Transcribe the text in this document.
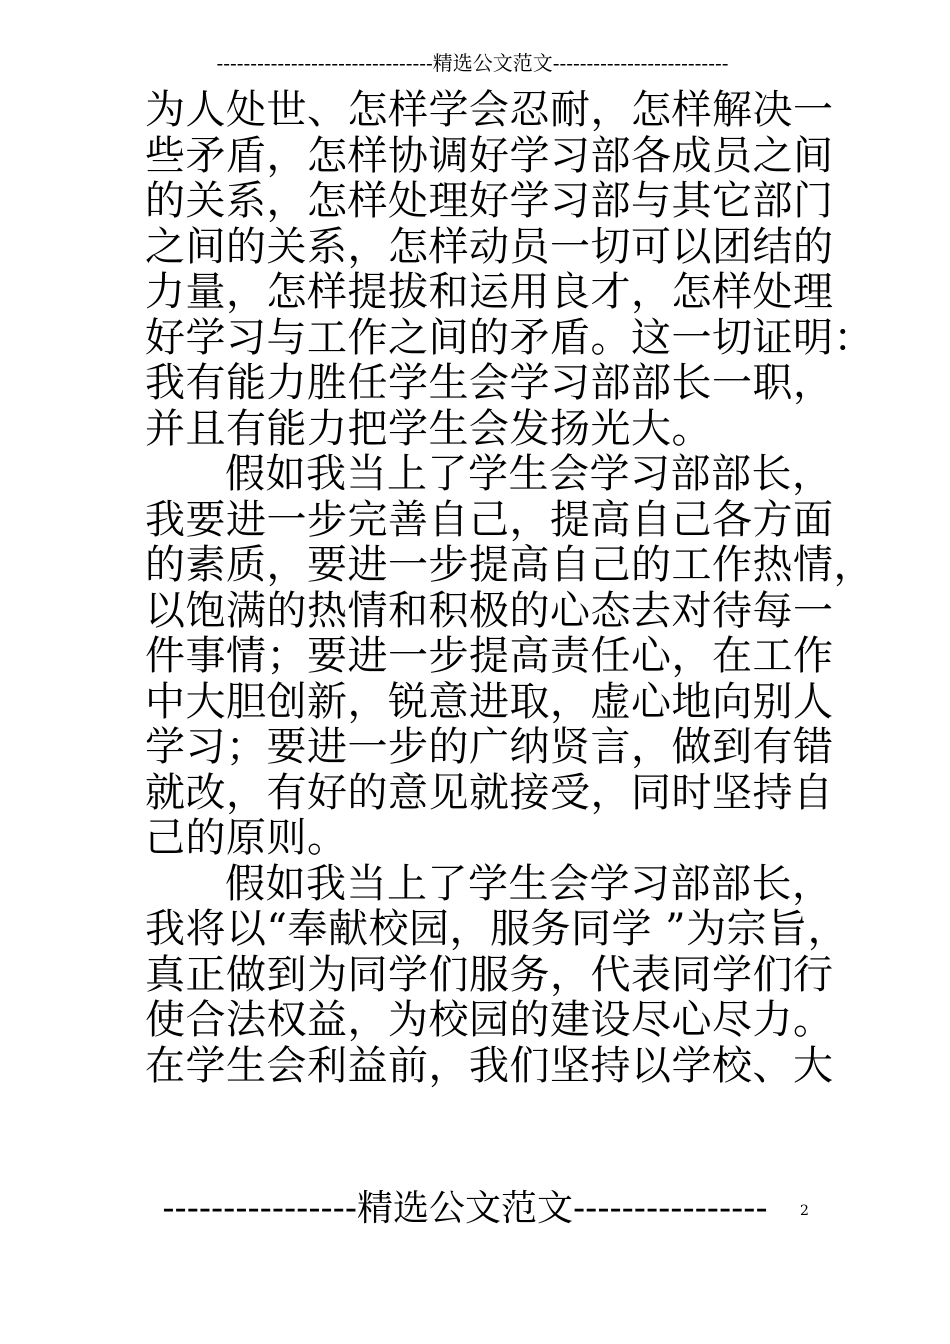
--------------------------------精选公文范文--------------------------
为人处世、怎样学会忍耐，怎样解决一
些矛盾，怎样协调好学习部各成员之间
的关系，怎样处理好学习部与其它部门
之间的关系，怎样动员一切可以团结的
力量，怎样提拔和运用良才，怎样处理
好学习与工作之间的矛盾。这一切证明：
我有能力胜任学生会学习部部长一职，
并且有能力把学生会发扬光大。
假如我当上了学生会学习部部长，
我要进一步完善自己，提高自己各方面
的素质，要进一步提高自己的工作热情，
以饱满的热情和积极的心态去对待每一
件事情；要进一步提高责任心，在工作
中大胆创新，锐意进取，虚心地向别人
学习；要进一步的广纳贤言，做到有错
就改，有好的意见就接受，同时坚持自
己的原则。
假如我当上了学生会学习部部长，
我将以“奉献校园，服务同学 ”为宗旨，
真正做到为同学们服务，代表同学们行
使合法权益，为校园的建设尽心尽力。
在学生会利益前，我们坚持以学校、大
----------------精选公文范文----------------	2
